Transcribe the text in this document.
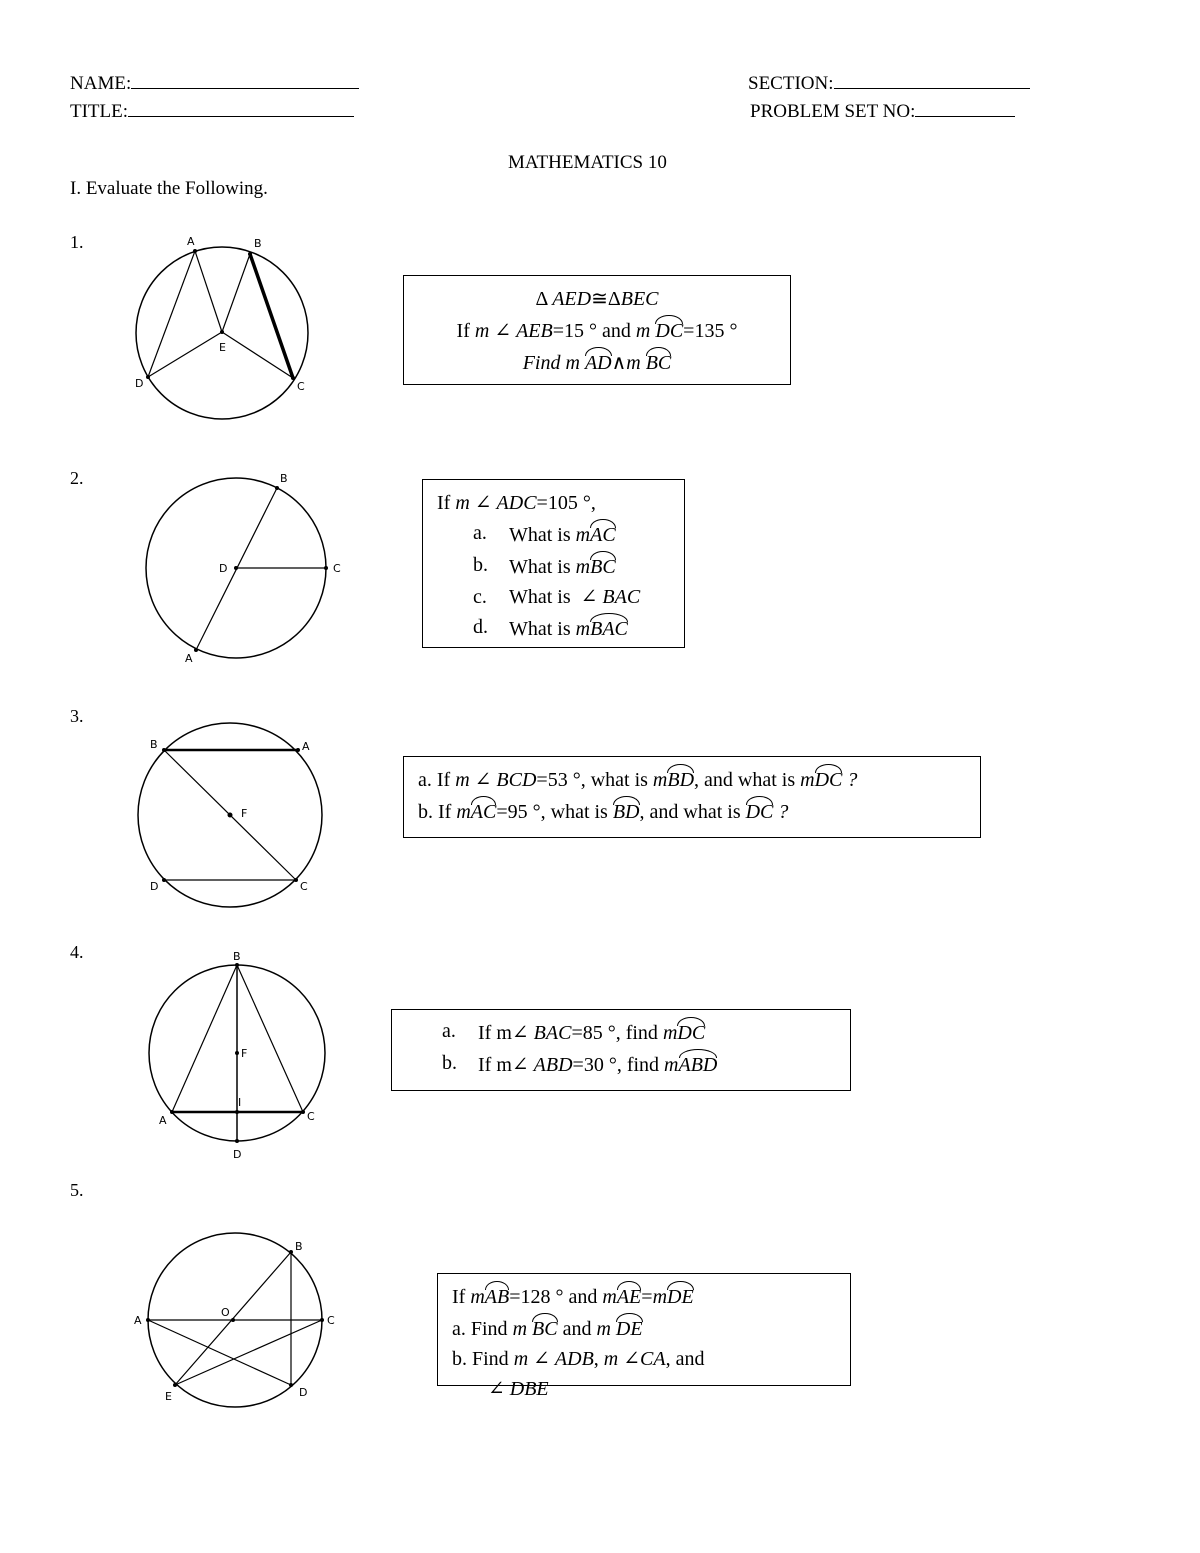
NAME:
TITLE:
SECTION:
PROBLEM SET NO:
MATHEMATICS 10
I. Evaluate the Following.
1.	A	B
D
E
C
Δ AED≅ΔBEC
If m ∠ AEB=15 ° and m DC=135 °
Find m AD∧m BC
2.	B
D	C
A
If m ∠ ADC=105 °,
a.	What is mAC
b.	What is mBC
c.	What is ∠ BAC
d.	What is mBAC
3.
B	A
F
D	C
a. If m ∠ BCD=53 °, what is mBD, and what is mDC ?
b. If mAC=95 °, what is BD, and what is DC ?
4.	B
F
I
A	C
D
a.	If m∠ BAC=85 °, find mDC
b.	If m∠ ABD=30 °, find mABD
5.
B
A
O
C
E	D
If mAB=128 ° and mAE=mDE
a. Find m BC and m DE
b. Find m ∠ ADB, m ∠CA, and
∠ DBE
